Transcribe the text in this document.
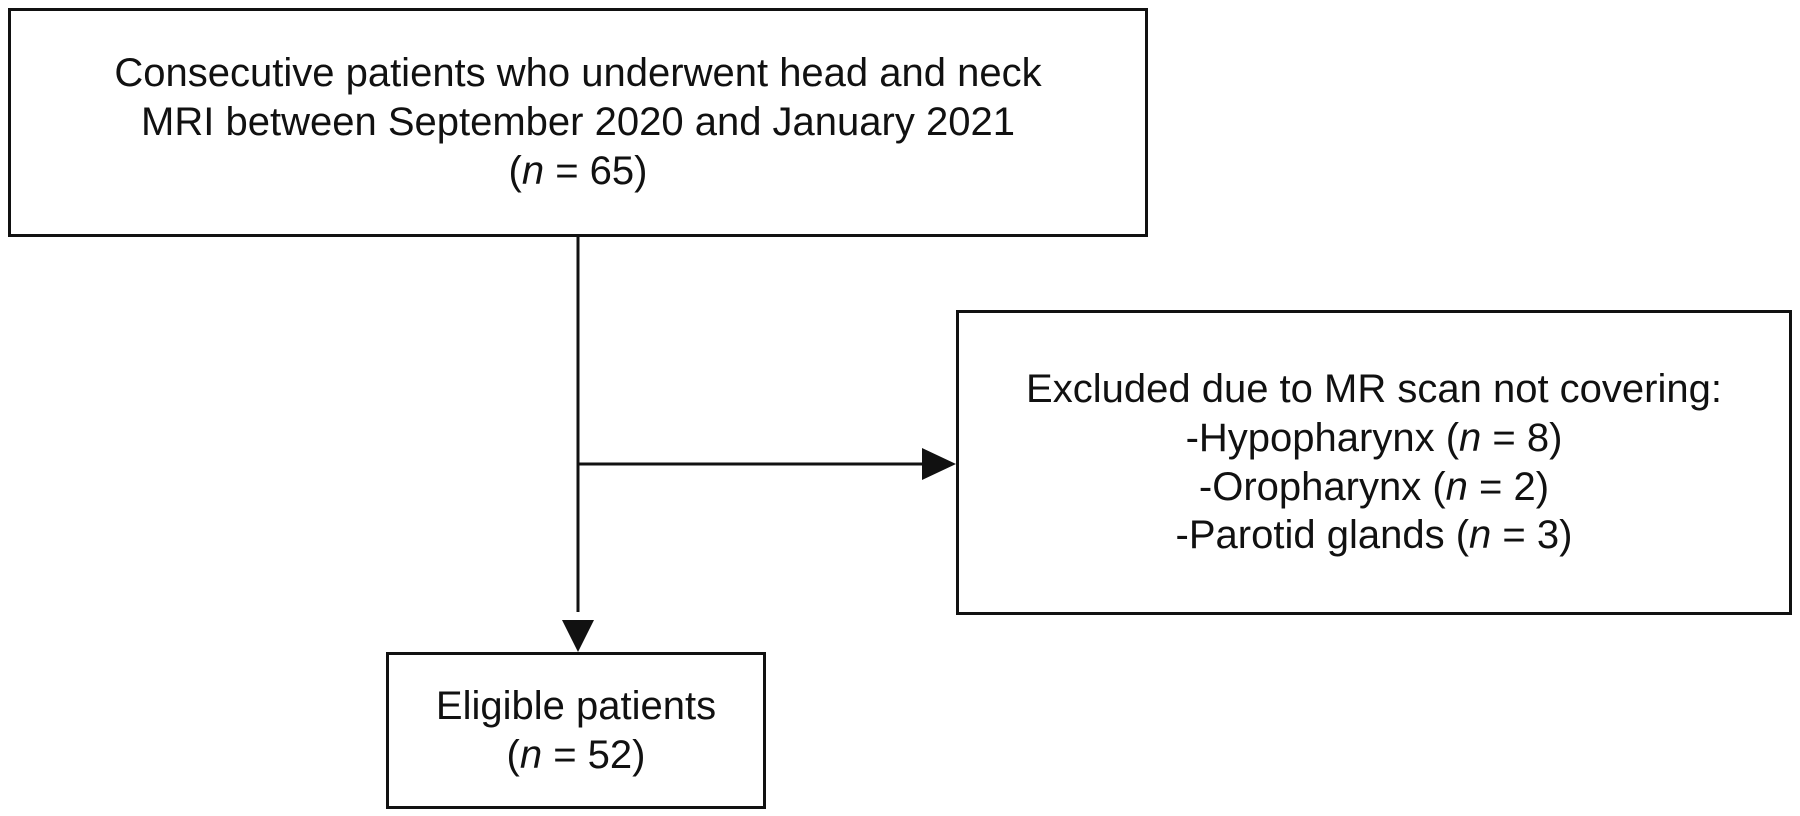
Consecutive patients who underwent head and neck
MRI between September 2020 and January 2021
(n = 65)
Excluded due to MR scan not covering:
-Hypopharynx (n = 8)
-Oropharynx (n = 2)
-Parotid glands (n = 3)
Eligible patients
(n = 52)
